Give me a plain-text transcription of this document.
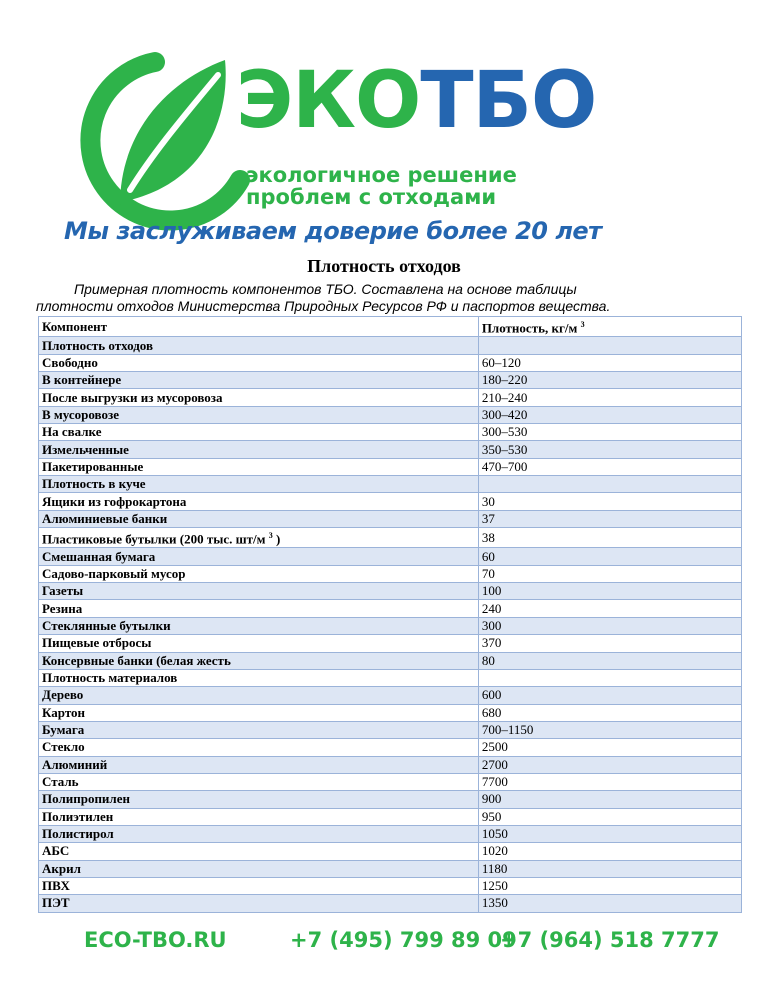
ЭКОТБО
экологичное решение
проблем с отходами
Мы заслуживаем доверие более 20 лет
Плотность отходов
Примерная плотность компонентов ТБО. Составлена на основе таблицы
плотности отходов Министерства Природных Ресурсов РФ и паспортов вещества.
Компонент	Плотность, кг/м $^3$
Плотность отходов	
Свободно	60–120
В контейнере	180–220
После выгрузки из мусоровоза	210–240
В мусоровозе	300–420
На свалке	300–530
Измельченные	350–530
Пакетированные	470–700
Плотность в куче	
Ящики из гофрокартона	30
Алюминиевые банки	37
Пластиковые бутылки (200 тыс. шт/м $^3$ )	38
Смешанная бумага	60
Садово-парковый мусор	70
Газеты	100
Резина	240
Стеклянные бутылки	300
Пищевые отбросы	370
Консервные банки (белая жесть	80
Плотность материалов	
Дерево	600
Картон	680
Бумага	700–1150
Стекло	2500
Алюминий	2700
Сталь	7700
Полипропилен	900
Полиэтилен	950
Полистирол	1050
АБС	1020
Акрил	1180
ПВХ	1250
ПЭТ	1350
ECO-TBO.RU	+7 (495) 799 89 09
+7 (964) 518 7777
